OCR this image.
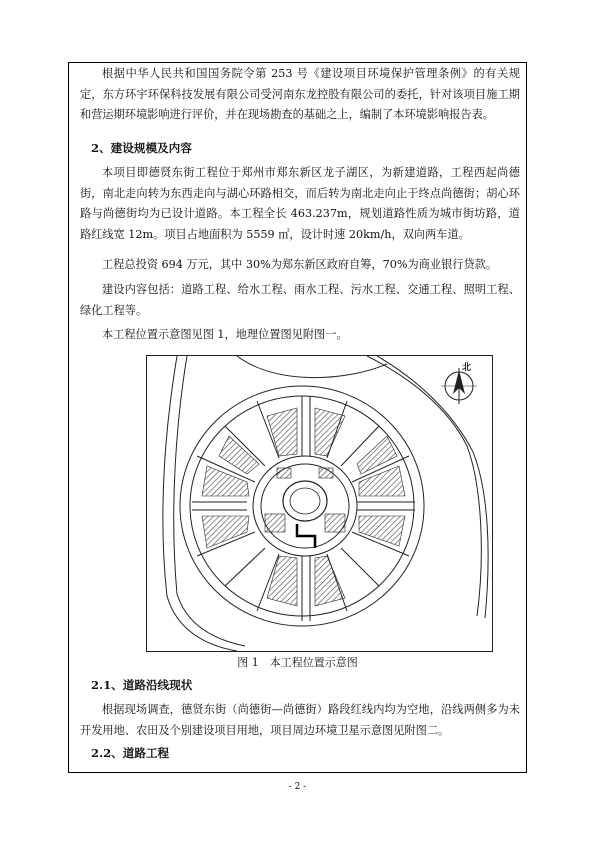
根据中华人民共和国国务院令第 253 号《建设项目环境保护管理条例》的有关规定，东方环宇环保科技发展有限公司受河南东龙控股有限公司的委托，针对该项目施工期和营运期环境影响进行评价，并在现场勘查的基础之上，编制了本环境影响报告表。

2、建设规模及内容

本项目即德贤东街工程位于郑州市郑东新区龙子湖区，为新建道路，工程西起尚德街，南北走向转为东西走向与湖心环路相交，而后转为南北走向止于终点尚德街；胡心环路与尚德街均为已设计道路。本工程全长 463.237m，规划道路性质为城市街坊路，道路红线宽 12m。项目占地面积为 5559 ㎡，设计时速 20km/h，双向两车道。

工程总投资 694 万元，其中 30%为郑东新区政府自筹，70%为商业银行贷款。

建设内容包括：道路工程、给水工程、雨水工程、污水工程、交通工程、照明工程、绿化工程等。

本工程位置示意图见图 1，地理位置图见附图一。

北
图 1　本工程位置示意图

2.1、道路沿线现状

根据现场调查，德贤东街（尚德街—尚德街）路段红线内均为空地，沿线两侧多为未开发用地、农田及个别建设项目用地，项目周边环境卫星示意图见附图二。

2.2、道路工程

- 2 -
